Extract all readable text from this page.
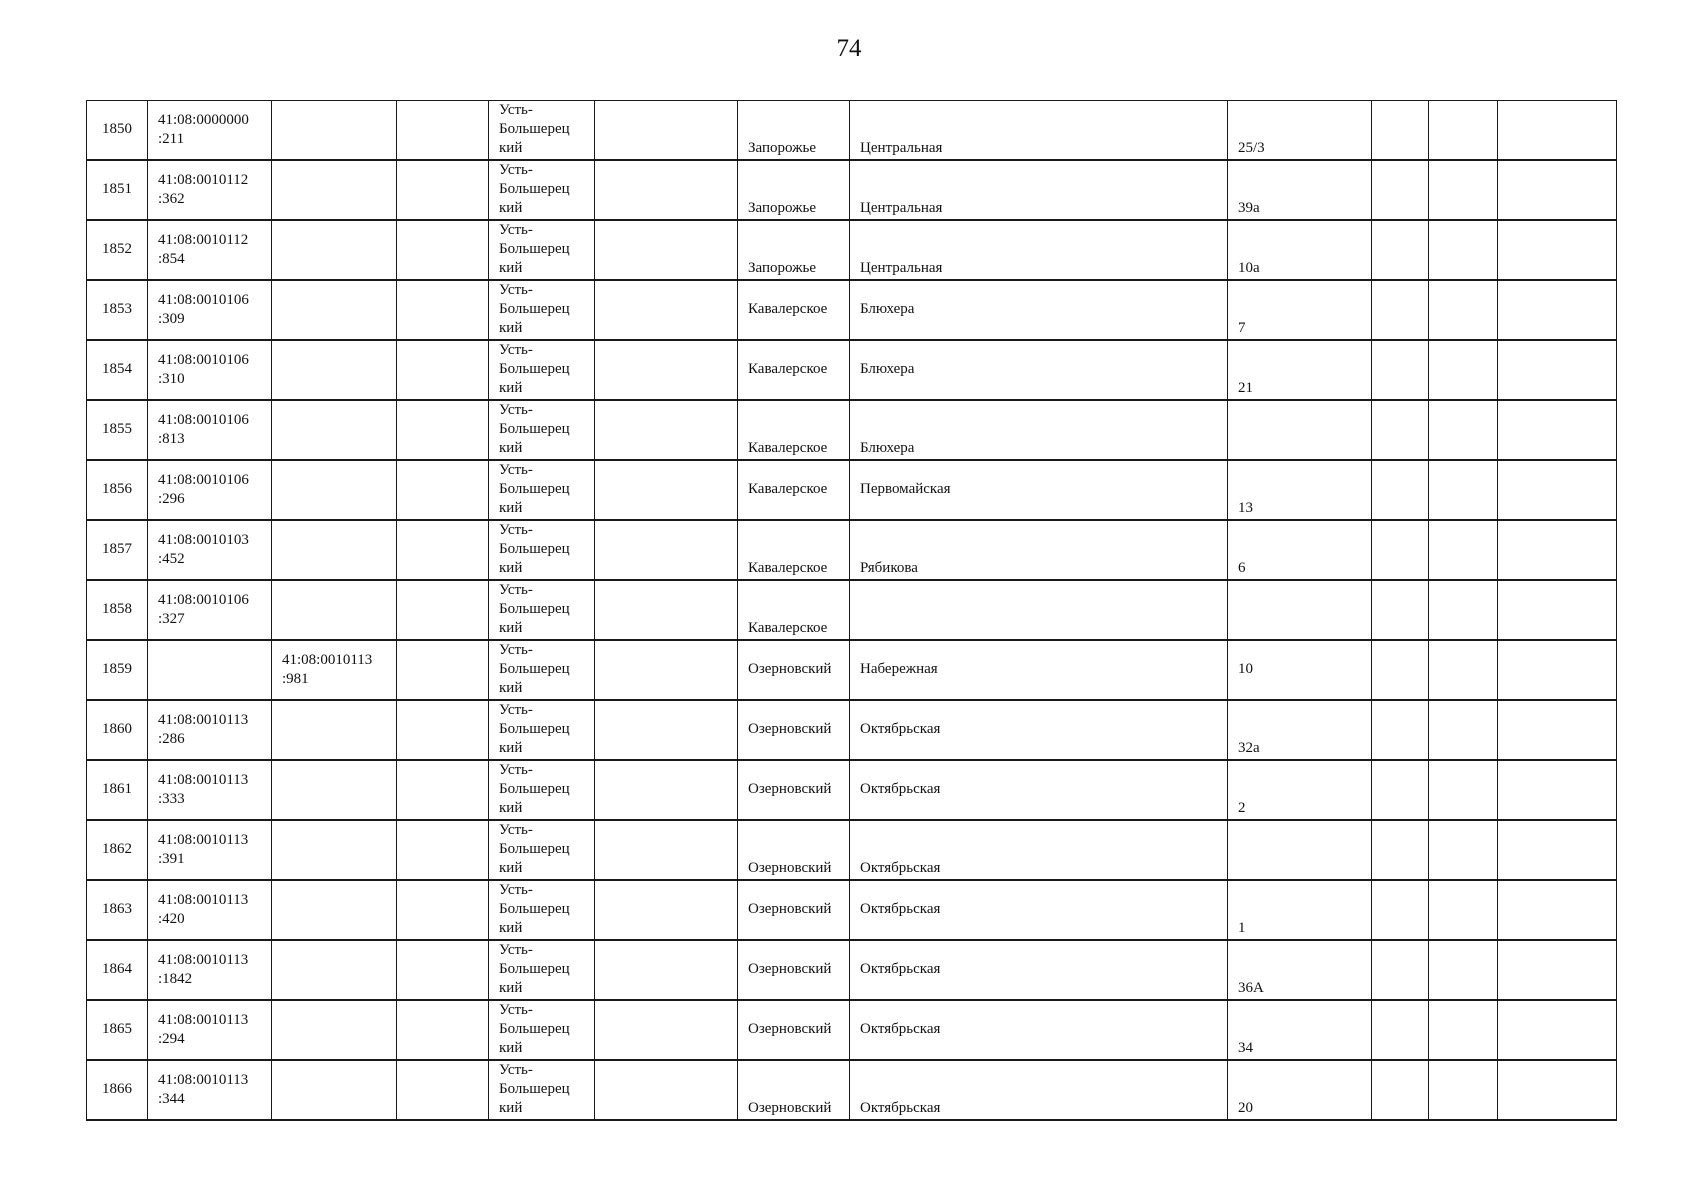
74
1850	41:08:0000000
:211			Усть-
Большерец
кий		Запорожье	Центральная	25/3			
1851	41:08:0010112
:362			Усть-
Большерец
кий		Запорожье	Центральная	39а			
1852	41:08:0010112
:854			Усть-
Большерец
кий		Запорожье	Центральная	10а			
1853	41:08:0010106
:309			Усть-
Большерец
кий		Кавалерское	Блюхера	7			
1854	41:08:0010106
:310			Усть-
Большерец
кий		Кавалерское	Блюхера	21			
1855	41:08:0010106
:813			Усть-
Большерец
кий		Кавалерское	Блюхера				
1856	41:08:0010106
:296			Усть-
Большерец
кий		Кавалерское	Первомайская	13			
1857	41:08:0010103
:452			Усть-
Большерец
кий		Кавалерское	Рябикова	6			
1858	41:08:0010106
:327			Усть-
Большерец
кий		Кавалерское					
1859		41:08:0010113
:981		Усть-
Большерец
кий		Озерновский	Набережная	10			
1860	41:08:0010113
:286			Усть-
Большерец
кий		Озерновский	Октябрьская	32а			
1861	41:08:0010113
:333			Усть-
Большерец
кий		Озерновский	Октябрьская	2			
1862	41:08:0010113
:391			Усть-
Большерец
кий		Озерновский	Октябрьская				
1863	41:08:0010113
:420			Усть-
Большерец
кий		Озерновский	Октябрьская	1			
1864	41:08:0010113
:1842			Усть-
Большерец
кий		Озерновский	Октябрьская	36А			
1865	41:08:0010113
:294			Усть-
Большерец
кий		Озерновский	Октябрьская	34			
1866	41:08:0010113
:344			Усть-
Большерец
кий		Озерновский	Октябрьская	20			
